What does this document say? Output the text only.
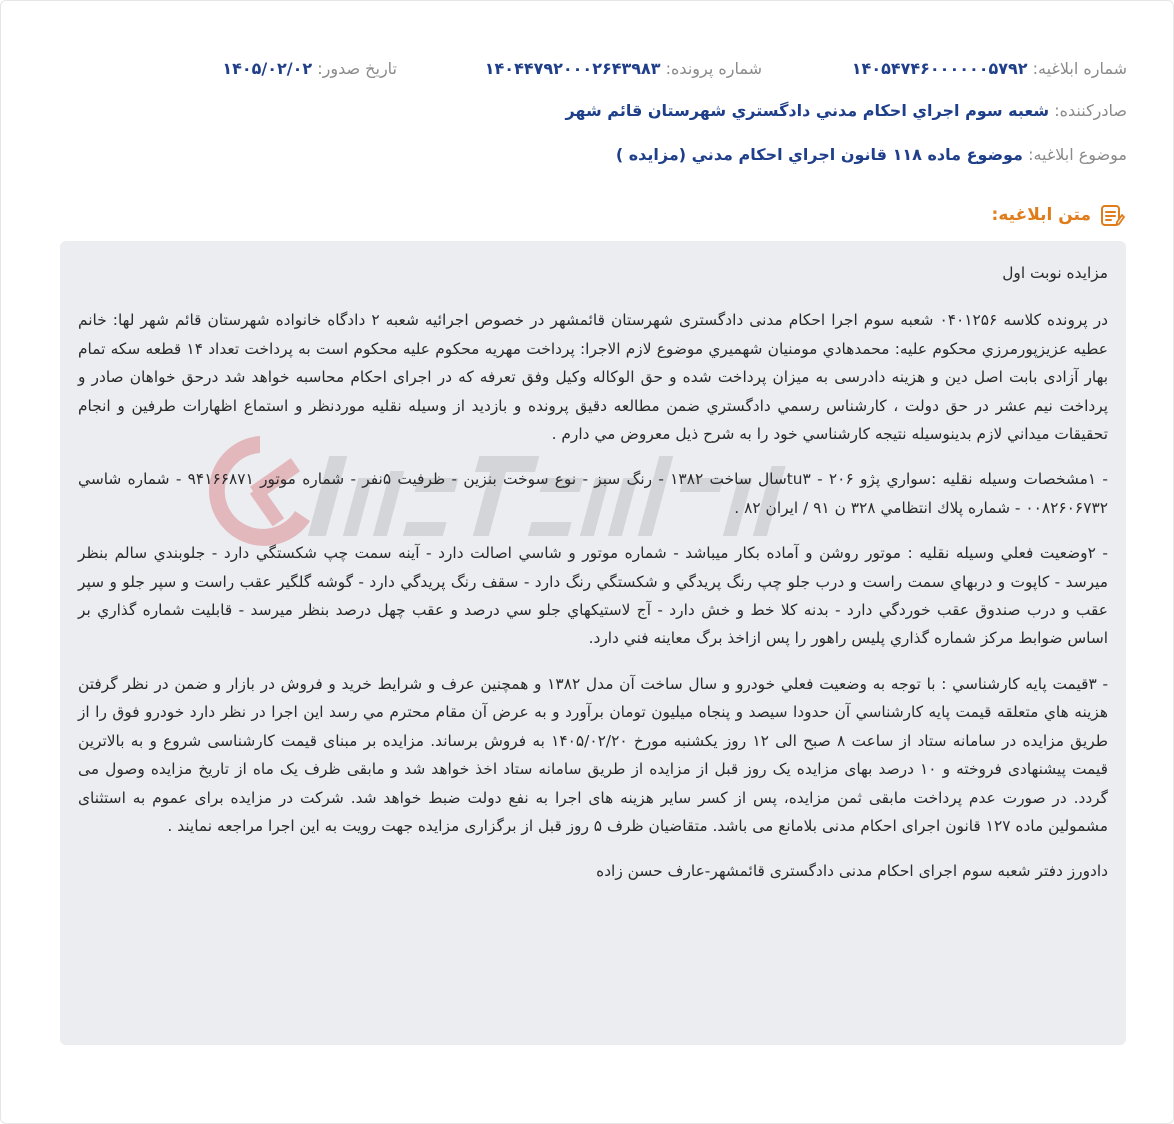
شماره ابلاغیه: ۱۴۰۵۴۷۴۶۰۰۰۰۰۰۵۷۹۲
شماره پرونده: ۱۴۰۴۴۷۹۲۰۰۰۲۶۴۳۹۸۳
تاریخ صدور: ۱۴۰۵/۰۲/۰۲
صادرکننده: شعبه سوم اجراي احكام مدني دادگستري شهرستان قائم شهر
موضوع ابلاغیه: موضوع ماده ۱۱۸ قانون اجراي احكام مدني (مزايده )
متن ابلاغیه:

مزايده نوبت اول

در پرونده كلاسه ۰۴۰۱۲۵۶ شعبه سوم اجرا احكام مدنی دادگستری شهرستان قائمشهر در خصوص اجرائيه شعبه ۲ دادگاه خانواده شهرستان قائم شهر لها: خانم عطيه عزيزپورمرزي محكوم عليه: محمدهادي مومنيان شهميري موضوع لازم الاجرا: پرداخت مهريه محكوم عليه محكوم است به پرداخت تعداد ۱۴ قطعه سكه تمام بهار آزادی بابت اصل دين و هزينه دادرسی به ميزان پرداخت شده و حق الوكاله وكيل وفق تعرفه كه در اجرای احكام محاسبه خواهد شد درحق خواهان صادر و پرداخت نيم عشر در حق دولت ، كارشناس رسمي دادگستري ضمن مطالعه دقيق پرونده و بازديد از وسيله نقليه موردنظر و استماع اظهارات طرفين و انجام تحقيقات ميداني لازم بدينوسيله نتيجه كارشناسي خود را به شرح ذيل معروض مي دارم .

- ۱مشخصات وسيله نقليه :سواري پژو ۲۰۶ - tu۳سال ساخت ۱۳۸۲ - رنگ سبز - نوع سوخت بنزين - ظرفيت ۵نفر - شماره موتور ۹۴۱۶۶۸۷۱ - شماره شاسي ۰۰۸۲۶۰۶۷۳۲ - شماره پلاك انتظامي ۳۲۸ ن ۹۱ / ايران ۸۲ .

- ۲وضعيت فعلي وسيله نقليه : موتور روشن و آماده بكار ميباشد - شماره موتور و شاسي اصالت دارد - آينه سمت چپ شكستگي دارد - جلوبندي سالم بنظر ميرسد - كاپوت و دربهاي سمت راست و درب جلو چپ رنگ پريدگي و شكستگي رنگ دارد - سقف رنگ پريدگي دارد - گوشه گلگير عقب راست و سپر جلو و سپر عقب و درب صندوق عقب خوردگي دارد - بدنه كلا خط و خش دارد - آج لاستيكهاي جلو سي درصد و عقب چهل درصد بنظر ميرسد - قابليت شماره گذاري بر اساس ضوابط مركز شماره گذاري پليس راهور را پس ازاخذ برگ معاينه فني دارد.

- ۳قيمت پايه كارشناسي : با توجه به وضعيت فعلي خودرو و سال ساخت آن مدل ۱۳۸۲ و همچنين عرف و شرايط خريد و فروش در بازار و ضمن در نظر گرفتن هزينه هاي متعلقه قيمت پايه كارشناسي آن حدودا سيصد و پنجاه ميليون تومان برآورد و به عرض آن مقام محترم مي رسد اين اجرا در نظر دارد خودرو فوق را از طريق مزايده در سامانه ستاد از ساعت ۸ صبح الی ۱۲ روز يکشنبه مورخ ۱۴۰۵/۰۲/۲۰ به فروش برساند. مزايده بر مبنای قيمت كارشناسی شروع و به بالاترين قيمت پيشنهادی فروخته و ۱۰ درصد بهای مزايده يک روز قبل از مزايده از طريق سامانه ستاد اخذ خواهد شد و مابقی ظرف يک ماه از تاريخ مزايده وصول می گردد. در صورت عدم پرداخت مابقی ثمن مزايده، پس از كسر ساير هزينه های اجرا به نفع دولت ضبط خواهد شد. شركت در مزايده برای عموم به استثنای مشمولين ماده ۱۲۷ قانون اجرای احكام مدنی بلامانع می باشد. متقاضيان ظرف ۵ روز قبل از برگزاری مزايده جهت رويت به اين اجرا مراجعه نمايند .

دادورز دفتر شعبه سوم اجرای احكام مدنی دادگستری قائمشهر-عارف حسن زاده
